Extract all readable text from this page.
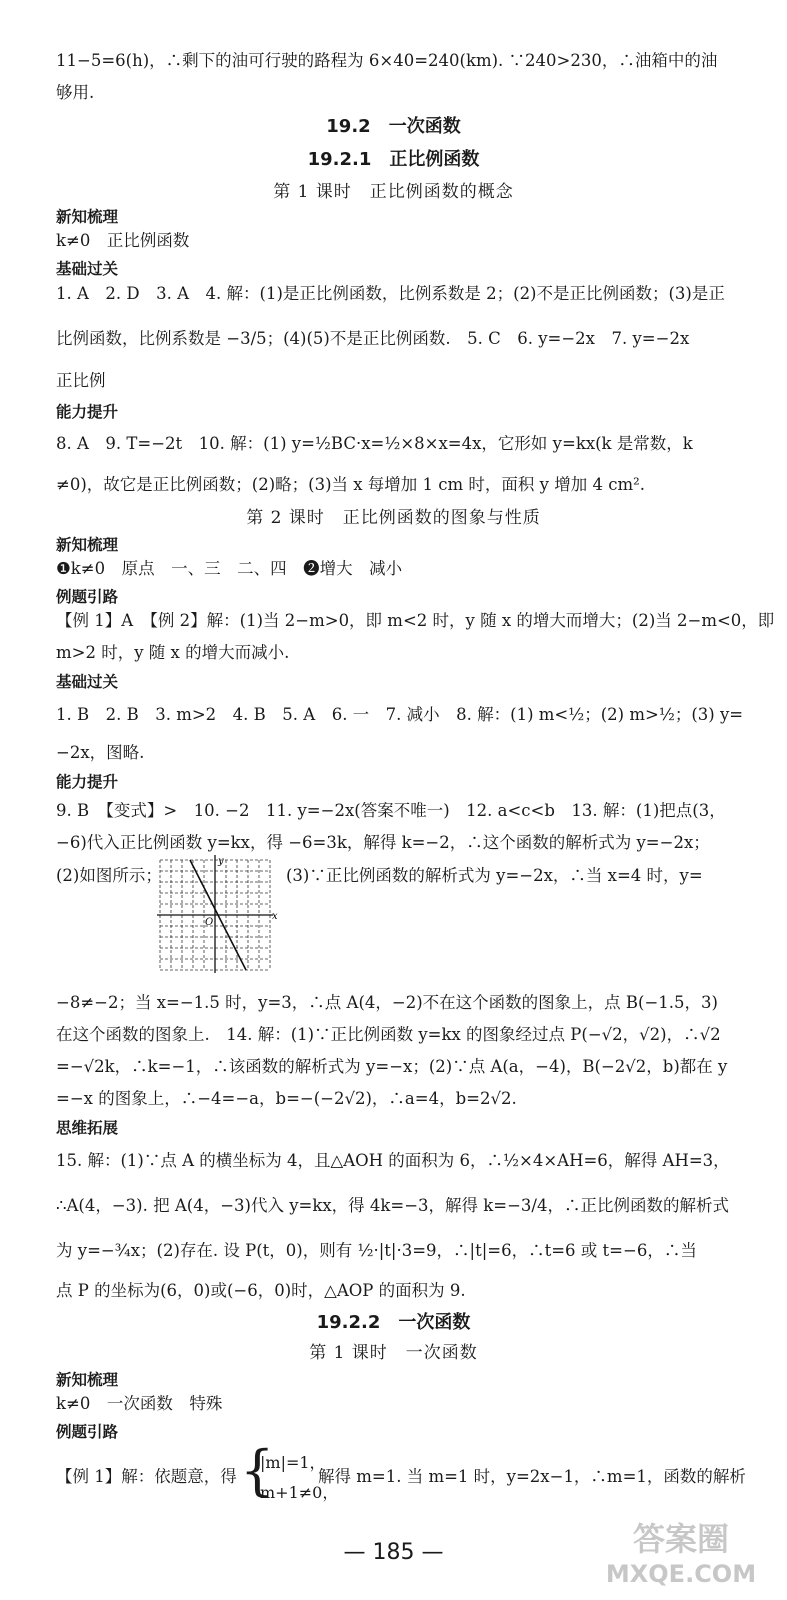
11−5=6(h)，∴剩下的油可行驶的路程为 6×40=240(km). ∵240>230，∴油箱中的油
够用.
19.2　一次函数
19.2.1　正比例函数
第 1 课时　正比例函数的概念
新知梳理
k≠0　正比例函数
基础过关
1. A　2. D　3. A　4. 解：(1)是正比例函数，比例系数是 2；(2)不是正比例函数；(3)是正
比例函数，比例系数是 −3/5；(4)(5)不是正比例函数.　5. C　6. y=−2x　7. y=−2x
正比例
能力提升
8. A　9. T=−2t　10. 解：(1) y=½BC·x=½×8×x=4x，它形如 y=kx(k 是常数，k
≠0)，故它是正比例函数；(2)略；(3)当 x 每增加 1 cm 时，面积 y 增加 4 cm².
第 2 课时　正比例函数的图象与性质
新知梳理
❶k≠0　原点　一、三　二、四　❷增大　减小
例题引路
【例 1】A　【例 2】解：(1)当 2−m>0，即 m<2 时，y 随 x 的增大而增大；(2)当 2−m<0，即
m>2 时，y 随 x 的增大而减小.
基础过关
1. B　2. B　3. m>2　4. B　5. A　6. 一　7. 减小　8. 解：(1) m<½；(2) m>½；(3) y=
−2x，图略.
能力提升
9. B　【变式】>　10. −2　11. y=−2x(答案不唯一)　12. a<c<b　13. 解：(1)把点(3，
−6)代入正比例函数 y=kx，得 −6=3k，解得 k=−2，∴这个函数的解析式为 y=−2x；
(2)如图所示；	(3)∵正比例函数的解析式为 y=−2x，∴当 x=4 时，y=
x
y
O
−8≠−2；当 x=−1.5 时，y=3，∴点 A(4，−2)不在这个函数的图象上，点 B(−1.5，3)
在这个函数的图象上.　14. 解：(1)∵正比例函数 y=kx 的图象经过点 P(−√2，√2)，∴√2
=−√2k，∴k=−1，∴该函数的解析式为 y=−x；(2)∵点 A(a，−4)，B(−2√2，b)都在 y
=−x 的图象上，∴−4=−a，b=−(−2√2)，∴a=4，b=2√2.
思维拓展
15. 解：(1)∵点 A 的横坐标为 4，且△AOH 的面积为 6，∴½×4×AH=6，解得 AH=3，
∴A(4，−3). 把 A(4，−3)代入 y=kx，得 4k=−3，解得 k=−3/4，∴正比例函数的解析式
为 y=−¾x；(2)存在. 设 P(t，0)，则有 ½·|t|·3=9，∴|t|=6，∴t=6 或 t=−6，∴当
点 P 的坐标为(6，0)或(−6，0)时，△AOP 的面积为 9.
19.2.2　一次函数
第 1 课时　一次函数
新知梳理
k≠0　一次函数　特殊
例题引路
【例 1】解：依题意，得 {
|m|=1，
m+1≠0，
解得 m=1. 当 m=1 时，y=2x−1，∴m=1，函数的解析
— 185 —	答案圈
MXQE.COM
